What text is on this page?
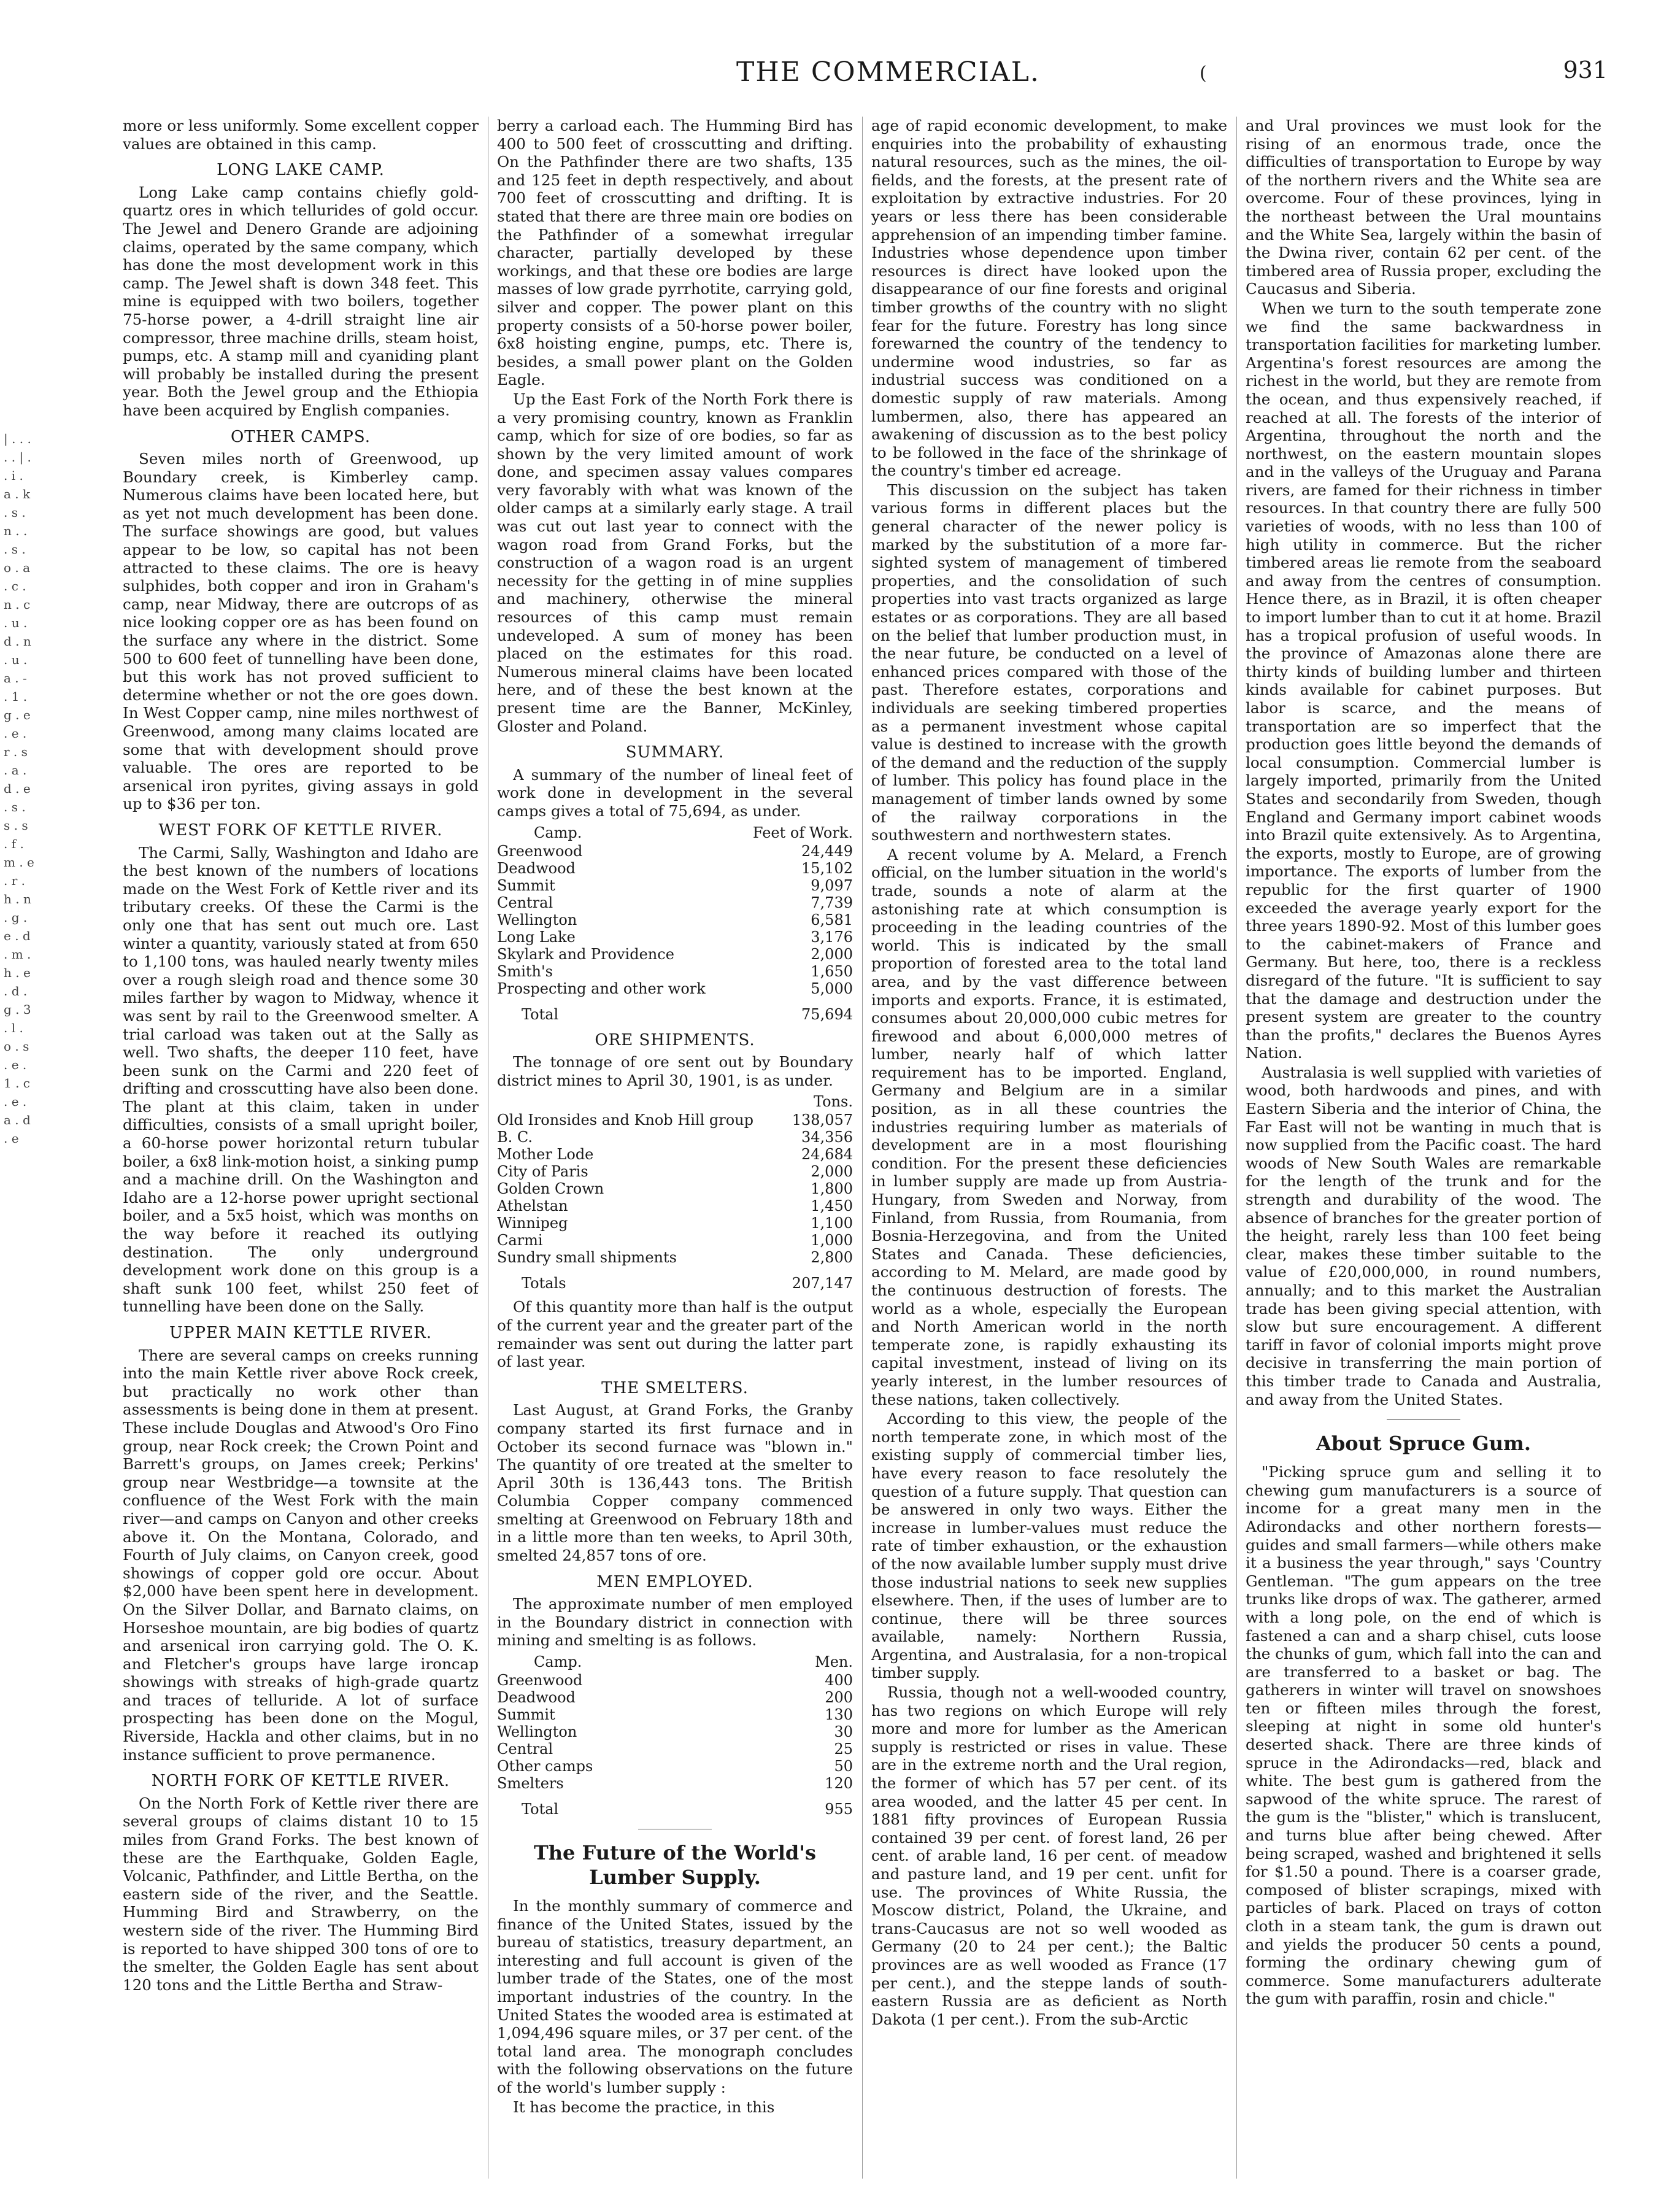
THE COMMERCIAL.	(	931
| . . . . . | . . i . a . k . s . n . . . s . o . a . c . n . c . u . d . n . u . a . - . 1 . g . e . e . r . s . a . d . e . s . s . s . f . m . e . r . h . n . g . e . d . m . h . e . d . g . 3 . l . o . s . e . 1 . c . e . a . d . e

more or less uniformly. Some excellent copper values are obtained in this camp.

LONG LAKE CAMP.

Long Lake camp contains chiefly gold-quartz ores in which tellurides of gold occur. The Jewel and Denero Grande are adjoining claims, operated by the same company, which has done the most development work in this camp. The Jewel shaft is down 348 feet. This mine is equipped with two boilers, together 75-horse power, a 4-drill straight line air compressor, three machine drills, steam hoist, pumps, etc. A stamp mill and cyaniding plant will probably be installed during the present year. Both the Jewel group and the Ethiopia have been acquired by English companies.

OTHER CAMPS.

Seven miles north of Greenwood, up Boundary creek, is Kimberley camp. Numerous claims have been located here, but as yet not much development has been done. The surface showings are good, but values appear to be low, so capital has not been attracted to these claims. The ore is heavy sulphides, both copper and iron in Graham's camp, near Midway, there are outcrops of as nice looking copper ore as has been found on the surface any where in the district. Some 500 to 600 feet of tunnelling have been done, but this work has not proved sufficient to determine whether or not the ore goes down. In West Copper camp, nine miles northwest of Greenwood, among many claims located are some that with development should prove valuable. The ores are reported to be arsenical iron pyrites, giving assays in gold up to $36 per ton.

WEST FORK OF KETTLE RIVER.

The Carmi, Sally, Washington and Idaho are the best known of the numbers of locations made on the West Fork of Kettle river and its tributary creeks. Of these the Carmi is the only one that has sent out much ore. Last winter a quantity, variously stated at from 650 to 1,100 tons, was hauled nearly twenty miles over a rough sleigh road and thence some 30 miles farther by wagon to Midway, whence it was sent by rail to the Greenwood smelter. A trial carload was taken out at the Sally as well. Two shafts, the deeper 110 feet, have been sunk on the Carmi and 220 feet of drifting and crosscutting have also been done. The plant at this claim, taken in under difficulties, consists of a small upright boiler, a 60-horse power horizontal return tubular boiler, a 6x8 link-motion hoist, a sinking pump and a machine drill. On the Washington and Idaho are a 12-horse power upright sectional boiler, and a 5x5 hoist, which was months on the way before it reached its outlying destination. The only underground development work done on this group is a shaft sunk 100 feet, whilst 250 feet of tunnelling have been done on the Sally.

UPPER MAIN KETTLE RIVER.

There are several camps on creeks running into the main Kettle river above Rock creek, but practically no work other than assessments is being done in them at present. These include Douglas and Atwood's Oro Fino group, near Rock creek; the Crown Point and Barrett's groups, on James creek; Perkins' group near Westbridge—a townsite at the confluence of the West Fork with the main river—and camps on Canyon and other creeks above it. On the Montana, Colorado, and Fourth of July claims, on Canyon creek, good showings of copper gold ore occur. About $2,000 have been spent here in development. On the Silver Dollar, and Barnato claims, on Horseshoe mountain, are big bodies of quartz and arsenical iron carrying gold. The O. K. and Fletcher's groups have large ironcap showings with streaks of high-grade quartz and traces of telluride. A lot of surface prospecting has been done on the Mogul, Riverside, Hackla and other claims, but in no instance sufficient to prove permanence.

NORTH FORK OF KETTLE RIVER.

On the North Fork of Kettle river there are several groups of claims distant 10 to 15 miles from Grand Forks. The best known of these are the Earthquake, Golden Eagle, Volcanic, Pathfinder, and Little Bertha, on the eastern side of the river, and the Seattle. Humming Bird and Strawberry, on the western side of the river. The Humming Bird is reported to have shipped 300 tons of ore to the smelter, the Golden Eagle has sent about 120 tons and the Little Bertha and Straw-

berry a carload each. The Humming Bird has 400 to 500 feet of crosscutting and drifting. On the Pathfinder there are two shafts, 135 and 125 feet in depth respectively, and about 700 feet of crosscutting and drifting. It is stated that there are three main ore bodies on the Pathfinder of a somewhat irregular character, partially developed by these workings, and that these ore bodies are large masses of low grade pyrrhotite, carrying gold, silver and copper. The power plant on this property consists of a 50-horse power boiler, 6x8 hoisting engine, pumps, etc. There is, besides, a small power plant on the Golden Eagle.

Up the East Fork of the North Fork there is a very promising country, known as Franklin camp, which for size of ore bodies, so far as shown by the very limited amount of work done, and specimen assay values compares very favorably with what was known of the older camps at a similarly early stage. A trail was cut out last year to connect with the wagon road from Grand Forks, but the construction of a wagon road is an urgent necessity for the getting in of mine supplies and machinery, otherwise the mineral resources of this camp must remain undeveloped. A sum of money has been placed on the estimates for this road. Numerous mineral claims have been located here, and of these the best known at the present time are the Banner, McKinley, Gloster and Poland.

SUMMARY.

A summary of the number of lineal feet of work done in development in the several camps gives a total of 75,694, as under.

Camp.	Feet of Work.
Greenwood	24,449
Deadwood	15,102
Summit	9,097
Central	7,739
Wellington	6,581
Long Lake	3,176
Skylark and Providence	2,000
Smith's	1,650
Prospecting and other work	5,000
Total	75,694
ORE SHIPMENTS.

The tonnage of ore sent out by Boundary district mines to April 30, 1901, is as under.

	Tons.
Old Ironsides and Knob Hill group	138,057
B. C.	34,356
Mother Lode	24,684
City of Paris	2,000
Golden Crown	1,800
Athelstan	1,450
Winnipeg	1,100
Carmi	1,000
Sundry small shipments	2,800
Totals	207,147

Of this quantity more than half is the output of the current year and the greater part of the remainder was sent out during the latter part of last year.

THE SMELTERS.

Last August, at Grand Forks, the Granby company started its first furnace and in October its second furnace was "blown in." The quantity of ore treated at the smelter to April 30th is 136,443 tons. The British Columbia Copper company commenced smelting at Greenwood on February 18th and in a little more than ten weeks, to April 30th, smelted 24,857 tons of ore.

MEN EMPLOYED.

The approximate number of men employed in the Boundary district in connection with mining and smelting is as follows.

Camp.	Men.
Greenwood	400
Deadwood	200
Summit	130
Wellington	30
Central	25
Other camps	50
Smelters	120
Total	955
The Future of the World's Lumber Supply.

In the monthly summary of commerce and finance of the United States, issued by the bureau of statistics, treasury department, an interesting and full account is given of the lumber trade of the States, one of the most important industries of the country. In the United States the wooded area is estimated at 1,094,496 square miles, or 37 per cent. of the total land area. The monograph concludes with the following observations on the future of the world's lumber supply :

It has become the practice, in this

age of rapid economic development, to make enquiries into the probability of exhausting natural resources, such as the mines, the oil-fields, and the forests, at the present rate of exploitation by extractive industries. For 20 years or less there has been considerable apprehension of an impending timber famine. Industries whose dependence upon timber resources is direct have looked upon the disappearance of our fine forests and original timber growths of the country with no slight fear for the future. Forestry has long since forewarned the country of the tendency to undermine wood industries, so far as industrial success was conditioned on a domestic supply of raw materials. Among lumbermen, also, there has appeared an awakening of discussion as to the best policy to be followed in the face of the shrinkage of the country's timber ed acreage.

This discussion on the subject has taken various forms in different places but the general character of the newer policy is marked by the substitution of a more far-sighted system of management of timbered properties, and the consolidation of such properties into vast tracts organized as large estates or as corporations. They are all based on the belief that lumber production must, in the near future, be conducted on a level of enhanced prices compared with those of the past. Therefore estates, corporations and individuals are seeking timbered properties as a permanent investment whose capital value is destined to increase with the growth of the demand and the reduction of the supply of lumber. This policy has found place in the management of timber lands owned by some of the railway corporations in the southwestern and northwestern states.

A recent volume by A. Melard, a French official, on the lumber situation in the world's trade, sounds a note of alarm at the astonishing rate at which consumption is proceeding in the leading countries of the world. This is indicated by the small proportion of forested area to the total land area, and by the vast difference between imports and exports. France, it is estimated, consumes about 20,000,000 cubic metres for firewood and about 6,000,000 metres of lumber, nearly half of which latter requirement has to be imported. England, Germany and Belgium are in a similar position, as in all these countries the industries requiring lumber as materials of development are in a most flourishing condition. For the present these deficiencies in lumber supply are made up from Austria-Hungary, from Sweden and Norway, from Finland, from Russia, from Roumania, from Bosnia-Herzegovina, and from the United States and Canada. These deficiencies, according to M. Melard, are made good by the continuous destruction of forests. The world as a whole, especially the European and North American world in the north temperate zone, is rapidly exhausting its capital investment, instead of living on its yearly interest, in the lumber resources of these nations, taken collectively.

According to this view, the people of the north temperate zone, in which most of the existing supply of commercial timber lies, have every reason to face resolutely the question of a future supply. That question can be answered in only two ways. Either the increase in lumber-values must reduce the rate of timber exhaustion, or the exhaustion of the now available lumber supply must drive those industrial nations to seek new supplies elsewhere. Then, if the uses of lumber are to continue, there will be three sources available, namely: Northern Russia, Argentina, and Australasia, for a non-tropical timber supply.

Russia, though not a well-wooded country, has two regions on which Europe will rely more and more for lumber as the American supply is restricted or rises in value. These are in the extreme north and the Ural region, the former of which has 57 per cent. of its area wooded, and the latter 45 per cent. In 1881 fifty provinces of European Russia contained 39 per cent. of forest land, 26 per cent. of arable land, 16 per cent. of meadow and pasture land, and 19 per cent. unfit for use. The provinces of White Russia, the Moscow district, Poland, the Ukraine, and trans-Caucasus are not so well wooded as Germany (20 to 24 per cent.); the Baltic provinces are as well wooded as France (17 per cent.), and the steppe lands of south-eastern Russia are as deficient as North Dakota (1 per cent.). From the sub-Arctic

and Ural provinces we must look for the rising of an enormous trade, once the difficulties of transportation to Europe by way of the northern rivers and the White sea are overcome. Four of these provinces, lying in the northeast between the Ural mountains and the White Sea, largely within the basin of the Dwina river, contain 62 per cent. of the timbered area of Russia proper, excluding the Caucasus and Siberia.

When we turn to the south temperate zone we find the same backwardness in transportation facilities for marketing lumber. Argentina's forest resources are among the richest in the world, but they are remote from the ocean, and thus expensively reached, if reached at all. The forests of the interior of Argentina, throughout the north and the northwest, on the eastern mountain slopes and in the valleys of the Uruguay and Parana rivers, are famed for their richness in timber resources. In that country there are fully 500 varieties of woods, with no less than 100 of high utility in commerce. But the richer timbered areas lie remote from the seaboard and away from the centres of consumption. Hence there, as in Brazil, it is often cheaper to import lumber than to cut it at home. Brazil has a tropical profusion of useful woods. In the province of Amazonas alone there are thirty kinds of building lumber and thirteen kinds available for cabinet purposes. But labor is scarce, and the means of transportation are so imperfect that the production goes little beyond the demands of local consumption. Commercial lumber is largely imported, primarily from the United States and secondarily from Sweden, though England and Germany import cabinet woods into Brazil quite extensively. As to Argentina, the exports, mostly to Europe, are of growing importance. The exports of lumber from the republic for the first quarter of 1900 exceeded the average yearly export for the three years 1890-92. Most of this lumber goes to the cabinet-makers of France and Germany. But here, too, there is a reckless disregard of the future. "It is sufficient to say that the damage and destruction under the present system are greater to the country than the profits," declares the Buenos Ayres Nation.

Australasia is well supplied with varieties of wood, both hardwoods and pines, and with Eastern Siberia and the interior of China, the Far East will not be wanting in much that is now supplied from the Pacific coast. The hard woods of New South Wales are remarkable for the length of the trunk and for the strength and durability of the wood. The absence of branches for the greater portion of the height, rarely less than 100 feet being clear, makes these timber suitable to the value of £20,000,000, in round numbers, annually; and to this market the Australian trade has been giving special attention, with slow but sure encouragement. A different tariff in favor of colonial imports might prove decisive in transferring the main portion of this timber trade to Canada and Australia, and away from the United States.

About Spruce Gum.

"Picking spruce gum and selling it to chewing gum manufacturers is a source of income for a great many men in the Adirondacks and other northern forests—guides and small farmers—while others make it a business the year through," says 'Country Gentleman. "The gum appears on the tree trunks like drops of wax. The gatherer, armed with a long pole, on the end of which is fastened a can and a sharp chisel, cuts loose the chunks of gum, which fall into the can and are transferred to a basket or bag. The gatherers in winter will travel on snowshoes ten or fifteen miles through the forest, sleeping at night in some old hunter's deserted shack. There are three kinds of spruce in the Adirondacks—red, black and white. The best gum is gathered from the sapwood of the white spruce. The rarest of the gum is the "blister," which is translucent, and turns blue after being chewed. After being scraped, washed and brightened it sells for $1.50 a pound. There is a coarser grade, composed of blister scrapings, mixed with particles of bark. Placed on trays of cotton cloth in a steam tank, the gum is drawn out and yields the producer 50 cents a pound, forming the ordinary chewing gum of commerce. Some manufacturers adulterate the gum with paraffin, rosin and chicle."
